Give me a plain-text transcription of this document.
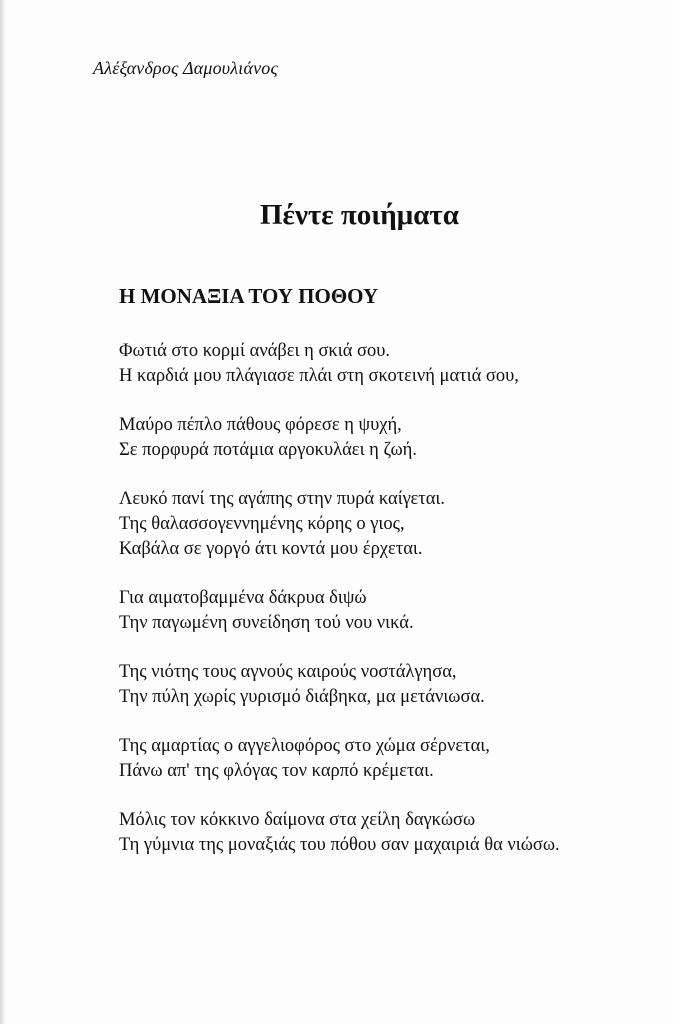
Αλέξανδρος Δαμουλιάνος
Πέντε ποιήματα
Η ΜΟΝΑΞΙΑ ΤΟΥ ΠΟΘΟΥ
Φωτιά στο κορμί ανάβει η σκιά σου.
Η καρδιά μου πλάγιασε πλάι στη σκοτεινή ματιά σου,
Μαύρο πέπλο πάθους φόρεσε η ψυχή,
Σε πορφυρά ποτάμια αργοκυλάει η ζωή.
Λευκό πανί της αγάπης στην πυρά καίγεται.
Της θαλασσογεννημένης κόρης ο γιος,
Καβάλα σε γοργό άτι κοντά μου έρχεται.
Για αιματοβαμμένα δάκρυα διψώ
Την παγωμένη συνείδηση τού νου νικά.
Της νιότης τους αγνούς καιρούς νοστάλγησα,
Την πύλη χωρίς γυρισμό διάβηκα, μα μετάνιωσα.
Της αμαρτίας ο αγγελιοφόρος στο χώμα σέρνεται,
Πάνω απ' της φλόγας τον καρπό κρέμεται.
Μόλις τον κόκκινο δαίμονα στα χείλη δαγκώσω
Τη γύμνια της μοναξιάς του πόθου σαν μαχαιριά θα νιώσω.
